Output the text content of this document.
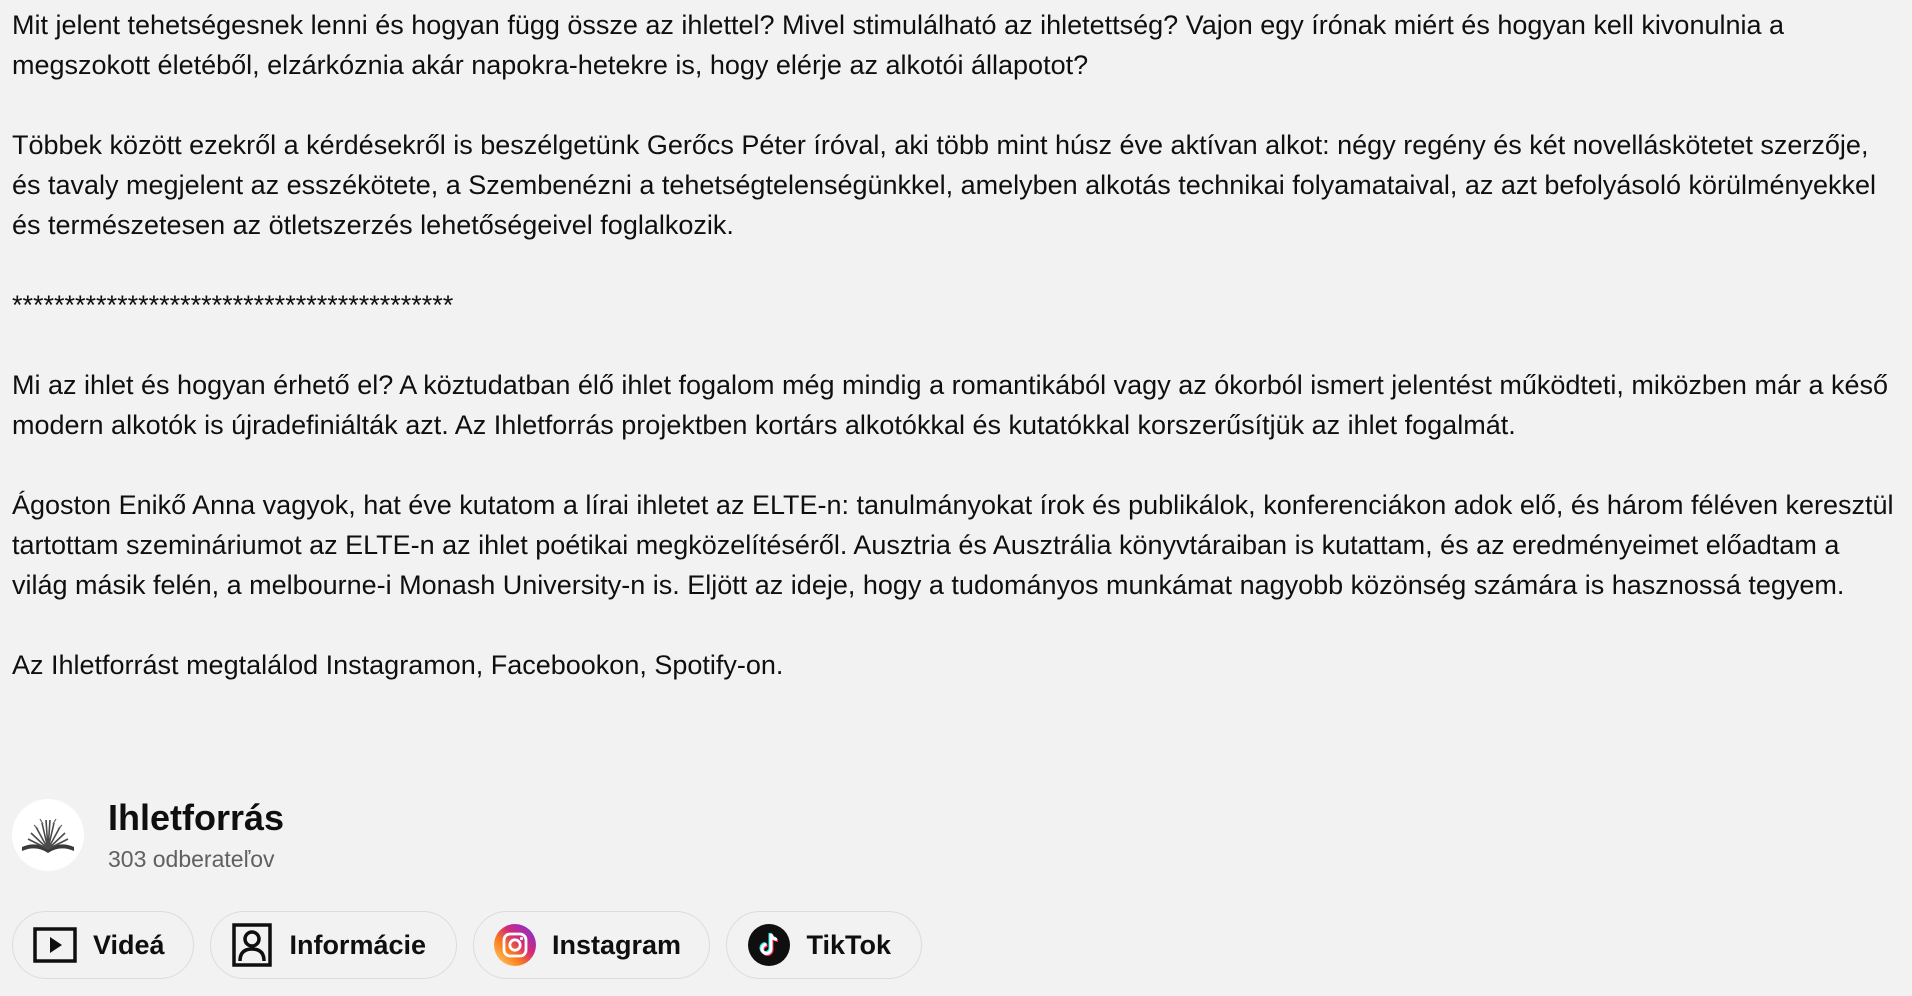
Mit jelent tehetségesnek lenni és hogyan függ össze az ihlettel? Mivel stimulálható az ihletettség? Vajon egy írónak miért és hogyan kell kivonulnia a megszokott életéből, elzárkóznia akár napokra-hetekre is, hogy elérje az alkotói állapotot?

Többek között ezekről a kérdésekről is beszélgetünk Gerőcs Péter íróval, aki több mint húsz éve aktívan alkot: négy regény és két novelláskötetet szerzője, és tavaly megjelent az esszékötete, a Szembenézni a tehetségtelenségünkkel, amelyben alkotás technikai folyamataival, az azt befolyásoló körülményekkel és természetesen az ötletszerzés lehetőségeivel foglalkozik.

******************************************

Mi az ihlet és hogyan érhető el? A köztudatban élő ihlet fogalom még mindig a romantikából vagy az ókorból ismert jelentést működteti, miközben már a késő modern alkotók is újradefiniálták azt. Az Ihletforrás projektben kortárs alkotókkal és kutatókkal korszerűsítjük az ihlet fogalmát.

Ágoston Enikő Anna vagyok, hat éve kutatom a lírai ihletet az ELTE-n: tanulmányokat írok és publikálok, konferenciákon adok elő, és három féléven keresztül tartottam szemináriumot az ELTE-n az ihlet poétikai megközelítéséről. Ausztria és Ausztrália könyvtáraiban is kutattam, és az eredményeimet előadtam a világ másik felén, a melbourne-i Monash University-n is. Eljött az ideje, hogy a tudományos munkámat nagyobb közönség számára is hasznossá tegyem.

Az Ihletforrást megtalálod Instagramon, Facebookon, Spotify-on.

Ihletforrás
303 odberateľov
Videá	Informácie	Instagram	TikTok
